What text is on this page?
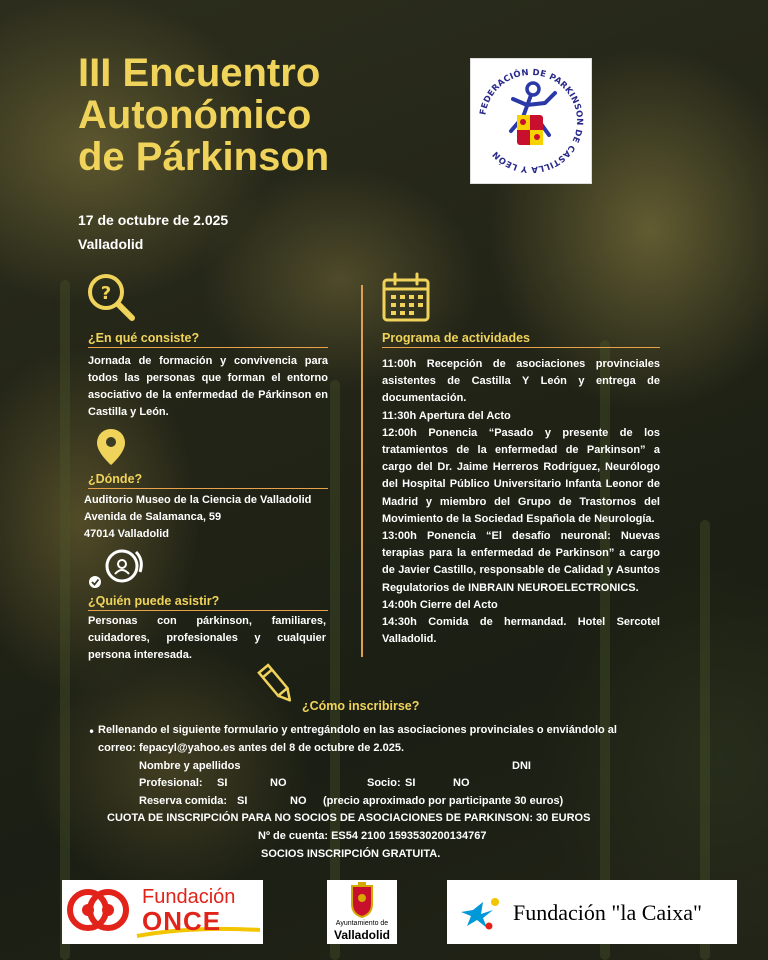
III Encuentro
Autonómico
de Párkinson
17 de octubre de 2.025
Valladolid
FEDERACIÓN DE PARKINSON DE CASTILLA Y LEÓN
?
¿En qué consiste?
Jornada de formación y convivencia para todos las personas que forman el entorno asociativo de la enfermedad de Párkinson en Castilla y León.
¿Dónde?
Auditorio Museo de la Ciencia de Valladolid
Avenida de Salamanca, 59
47014 Valladolid
¿Quién puede asistir?
Personas con párkinson, familiares, cuidadores, profesionales y cualquier persona interesada.
Programa de actividades
11:00h Recepción de asociaciones provinciales asistentes de Castilla Y León y entrega de documentación.
11:30h Apertura del Acto
12:00h Ponencia “Pasado y presente de los tratamientos de la enfermedad de Parkinson” a cargo del Dr. Jaime Herreros Rodríguez, Neurólogo del Hospital Público Universitario Infanta Leonor de Madrid y miembro del Grupo de Trastornos del Movimiento de la Sociedad Española de Neurología.
13:00h Ponencia “El desafío neuronal: Nuevas terapias para la enfermedad de Parkinson” a cargo de Javier Castillo, responsable de Calidad y Asuntos Regulatorios de INBRAIN NEUROELECTRONICS.
14:00h Cierre del Acto
14:30h Comida de hermandad. Hotel Sercotel Valladolid.
¿Cómo inscribirse?
• Rellenando el siguiente formulario y entregándolo en las asociaciones provinciales o enviándolo al correo: fepacyl@yahoo.es antes del 8 de octubre de 2.025.
Nombre y apellidos	DNI
Profesional: SI	NO	Socio: SI	NO
Reserva comida: SI	NO (precio aproximado por participante 30 euros)
CUOTA DE INSCRIPCIÓN PARA NO SOCIOS DE ASOCIACIONES DE PARKINSON: 30 EUROS
Nº de cuenta: ES54 2100 1593530200134767
SOCIOS INSCRIPCIÓN GRATUITA.
Fundación
ONCE	Ayuntamiento de
Valladolid
Fundación "la Caixa"
